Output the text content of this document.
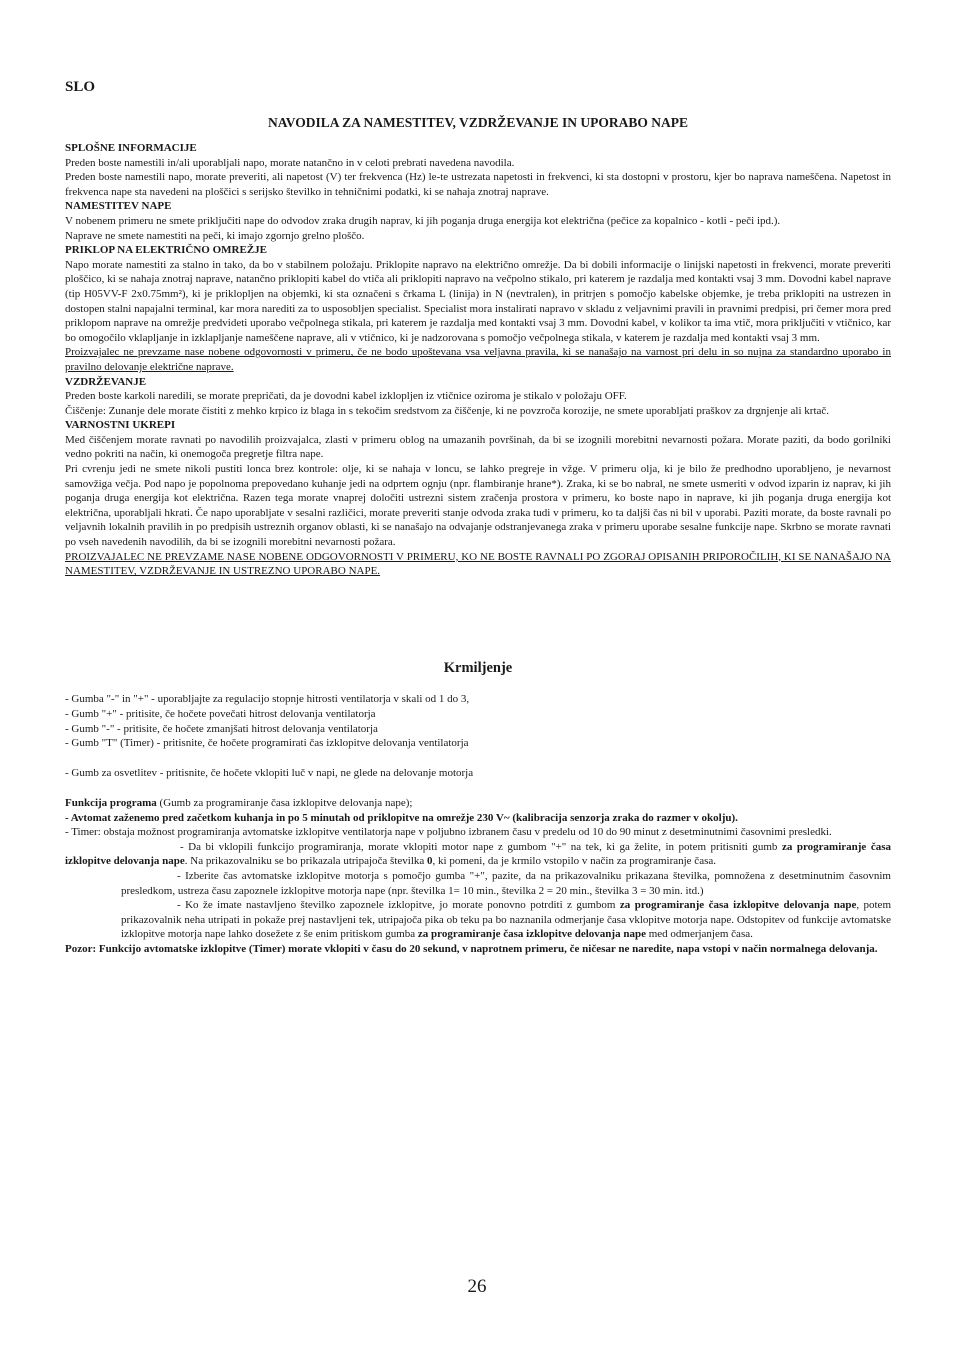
SLO
NAVODILA ZA NAMESTITEV, VZDRŽEVANJE IN UPORABO NAPE
SPLOŠNE INFORMACIJE

Preden boste namestili in/ali uporabljali napo, morate natančno in v celoti prebrati navedena navodila.

Preden boste namestili napo, morate preveriti, ali napetost (V) ter frekvenca (Hz) le-te ustrezata napetosti in frekvenci, ki sta dostopni v prostoru, kjer bo naprava nameščena. Napetost in frekvenca nape sta navedeni na ploščici s serijsko številko in tehničnimi podatki, ki se nahaja znotraj naprave.

NAMESTITEV NAPE

V nobenem primeru ne smete priključiti nape do odvodov zraka drugih naprav, ki jih poganja druga energija kot električna (pečice za kopalnico - kotli - peči ipd.).

Naprave ne smete namestiti na peči, ki imajo zgornjo grelno ploščo.

PRIKLOP NA ELEKTRIČNO OMREŽJE

Napo morate namestiti za stalno in tako, da bo v stabilnem položaju. Priklopite napravo na električno omrežje. Da bi dobili informacije o linijski napetosti in frekvenci, morate preveriti ploščico, ki se nahaja znotraj naprave, natančno priklopiti kabel do vtiča ali priklopiti napravo na večpolno stikalo, pri katerem je razdalja med kontakti vsaj 3 mm. Dovodni kabel naprave (tip H05VV-F 2x0.75mm²), ki je priklopljen na objemki, ki sta označeni s črkama L (linija) in N (nevtralen), in pritrjen s pomočjo kabelske objemke, je treba priklopiti na ustrezen in dostopen stalni napajalni terminal, kar mora narediti za to usposobljen specialist. Specialist mora instalirati napravo v skladu z veljavnimi pravili in pravnimi predpisi, pri čemer mora pred priklopom naprave na omrežje predvideti uporabo večpolnega stikala, pri katerem je razdalja med kontakti vsaj 3 mm. Dovodni kabel, v kolikor ta ima vtič, mora priključiti v vtičnico, kar bo omogočilo vklapljanje in izklapljanje nameščene naprave, ali v vtičnico, ki je nadzorovana s pomočjo večpolnega stikala, v katerem je razdalja med kontakti vsaj 3 mm.

Proizvajalec ne prevzame nase nobene odgovornosti v primeru, če ne bodo upoštevana vsa veljavna pravila, ki se nanašajo na varnost pri delu in so nujna za standardno uporabo in pravilno delovanje električne naprave.

VZDRŽEVANJE

Preden boste karkoli naredili, se morate prepričati, da je dovodni kabel izklopljen iz vtičnice oziroma je stikalo v položaju OFF.

Čiščenje: Zunanje dele morate čistiti z mehko krpico iz blaga in s tekočim sredstvom za čiščenje, ki ne povzroča korozije, ne smete uporabljati praškov za drgnjenje ali krtač.

VARNOSTNI UKREPI

Med čiščenjem morate ravnati po navodilih proizvajalca, zlasti v primeru oblog na umazanih površinah, da bi se izognili morebitni nevarnosti požara. Morate paziti, da bodo gorilniki vedno pokriti na način, ki onemogoča pregretje filtra nape.

Pri cvrenju jedi ne smete nikoli pustiti lonca brez kontrole: olje, ki se nahaja v loncu, se lahko pregreje in vžge. V primeru olja, ki je bilo že predhodno uporabljeno, je nevarnost samovžiga večja. Pod napo je popolnoma prepovedano kuhanje jedi na odprtem ognju (npr. flambiranje hrane*). Zraka, ki se bo nabral, ne smete usmeriti v odvod izparin iz naprav, ki jih poganja druga energija kot električna. Razen tega morate vnaprej določiti ustrezni sistem zračenja prostora v primeru, ko boste napo in naprave, ki jih poganja druga energija kot električna, uporabljali hkrati. Če napo uporabljate v sesalni različici, morate preveriti stanje odvoda zraka tudi v primeru, ko ta daljši čas ni bil v uporabi. Paziti morate, da boste ravnali po veljavnih lokalnih pravilih in po predpisih ustreznih organov oblasti, ki se nanašajo na odvajanje odstranjevanega zraka v primeru uporabe sesalne funkcije nape. Skrbno se morate ravnati po vseh navedenih navodilih, da bi se izognili morebitni nevarnosti požara.

PROIZVAJALEC NE PREVZAME NASE NOBENE ODGOVORNOSTI V PRIMERU, KO NE BOSTE RAVNALI PO ZGORAJ OPISANIH PRIPOROČILIH, KI SE NANAŠAJO NA NAMESTITEV, VZDRŽEVANJE IN USTREZNO UPORABO NAPE.

Krmiljenje

- Gumba "-" in "+" - uporabljajte za regulacijo stopnje hitrosti ventilatorja v skali od 1 do 3,

- Gumb "+" - pritisite, če hočete povečati hitrost delovanja ventilatorja

- Gumb "-" - pritisite, če hočete zmanjšati hitrost delovanja ventilatorja

- Gumb "T" (Timer) - pritisnite, če hočete programirati čas izklopitve delovanja ventilatorja

- Gumb za osvetlitev - pritisnite, če hočete vklopiti luč v napi, ne glede na delovanje motorja

Funkcija programa (Gumb za programiranje časa izklopitve delovanja nape);

- Avtomat zaženemo pred začetkom kuhanja in po 5 minutah od priklopitve na omrežje 230 V~ (kalibracija senzorja zraka do razmer v okolju).

- Timer: obstaja možnost programiranja avtomatske izklopitve ventilatorja nape v poljubno izbranem času v predelu od 10 do 90 minut z desetminutnimi časovnimi presledki.

- Da bi vklopili funkcijo programiranja, morate vklopiti motor nape z gumbom "+" na tek, ki ga želite, in potem pritisniti gumb za programiranje časa izklopitve delovanja nape. Na prikazovalniku se bo prikazala utripajoča številka 0, ki pomeni, da je krmilo vstopilo v način za programiranje časa.

- Izberite čas avtomatske izklopitve motorja s pomočjo gumba "+", pazite, da na prikazovalniku prikazana številka, pomnožena z desetminutnim časovnim presledkom, ustreza času zapoznele izklopitve motorja nape (npr. številka 1= 10 min., številka 2 = 20 min., številka 3 = 30 min. itd.)

- Ko že imate nastavljeno številko zapoznele izklopitve, jo morate ponovno potrditi z gumbom za programiranje časa izklopitve delovanja nape, potem prikazovalnik neha utripati in pokaže prej nastavljeni tek, utripajoča pika ob teku pa bo naznanila odmerjanje časa vklopitve motorja nape. Odstopitev od funkcije avtomatske izklopitve motorja nape lahko dosežete z še enim pritiskom gumba za programiranje časa izklopitve delovanja nape med odmerjanjem časa.

Pozor: Funkcijo avtomatske izklopitve (Timer) morate vklopiti v času do 20 sekund, v naprotnem primeru, če ničesar ne naredite, napa vstopi v način normalnega delovanja.

26
